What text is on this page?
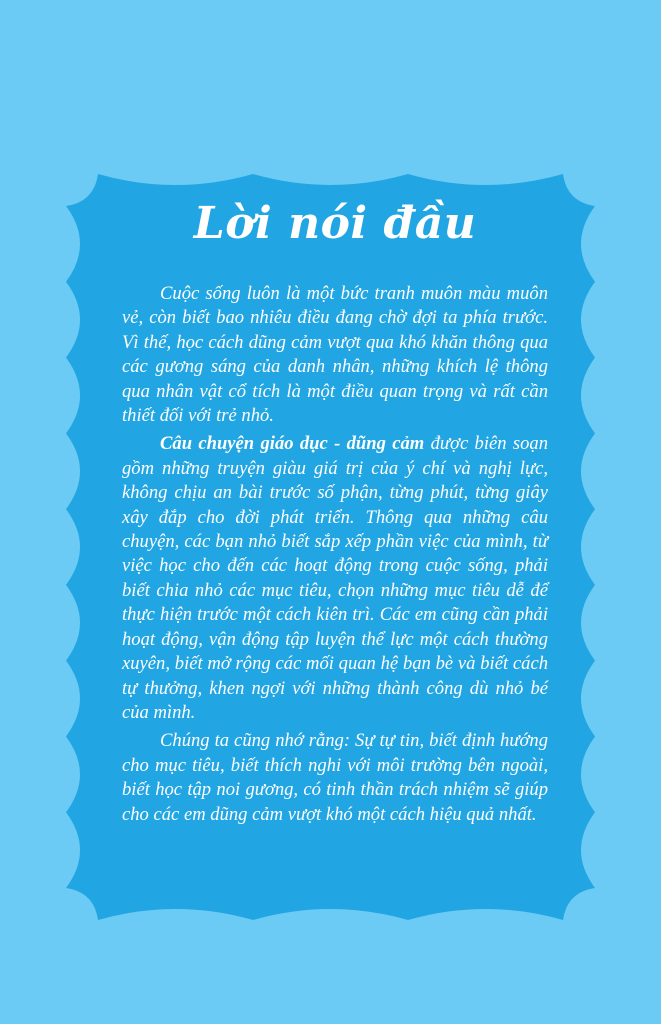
Lời nói đầu

Cuộc sống luôn là một bức tranh muôn màu muôn vẻ, còn biết bao nhiêu điều đang chờ đợi ta phía trước. Vì thế, học cách dũng cảm vượt qua khó khăn thông qua các gương sáng của danh nhân, những khích lệ thông qua nhân vật cổ tích là một điều quan trọng và rất cần thiết đối với trẻ nhỏ.

Câu chuyện giáo dục - dũng cảm được biên soạn gồm những truyện giàu giá trị của ý chí và nghị lực, không chịu an bài trước số phận, từng phút, từng giây xây đắp cho đời phát triển. Thông qua những câu chuyện, các bạn nhỏ biết sắp xếp phần việc của mình, từ việc học cho đến các hoạt động trong cuộc sống, phải biết chia nhỏ các mục tiêu, chọn những mục tiêu dễ để thực hiện trước một cách kiên trì. Các em cũng cần phải hoạt động, vận động tập luyện thể lực một cách thường xuyên, biết mở rộng các mối quan hệ bạn bè và biết cách tự thưởng, khen ngợi với những thành công dù nhỏ bé của mình.

Chúng ta cũng nhớ rằng: Sự tự tin, biết định hướng cho mục tiêu, biết thích nghi với môi trường bên ngoài, biết học tập noi gương, có tinh thần trách nhiệm sẽ giúp cho các em dũng cảm vượt khó một cách hiệu quả nhất.
